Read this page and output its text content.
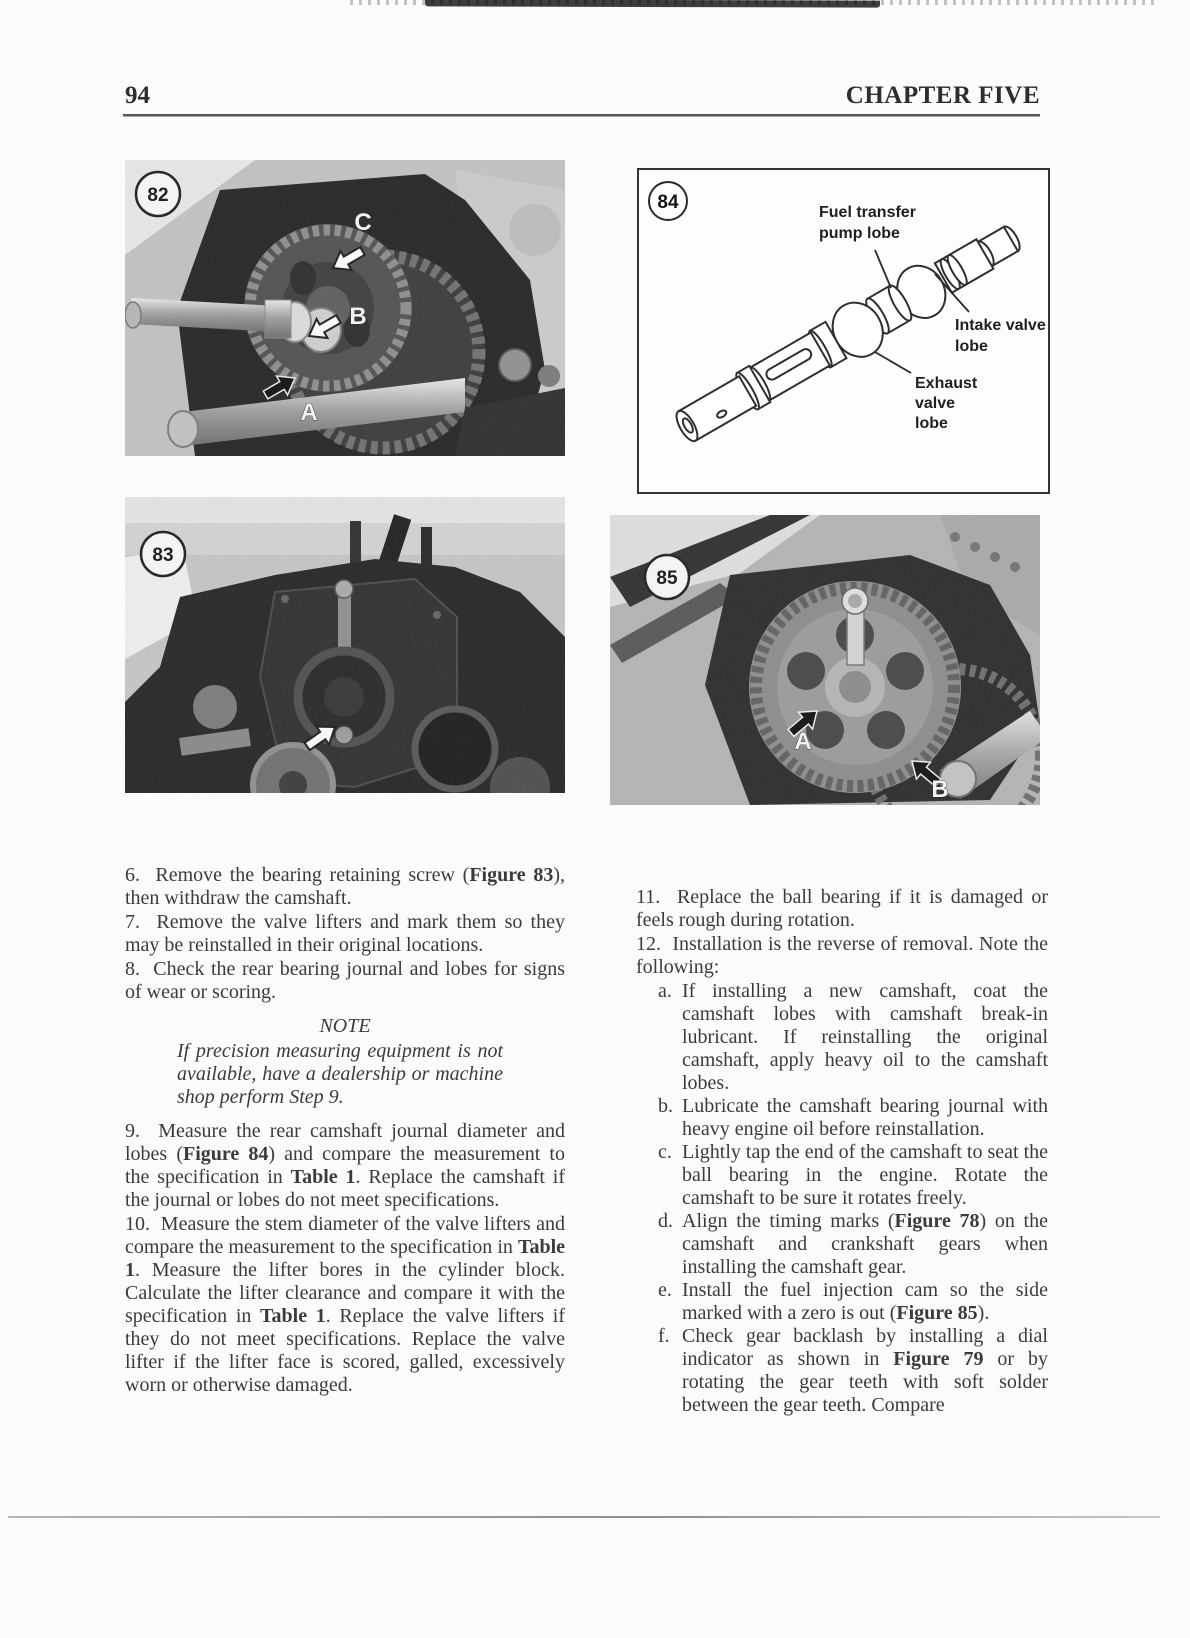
94	CHAPTER FIVE
C
B
A
82
83
Fuel transfer
pump lobe
Intake valve
lobe
Exhaust
valve
lobe
84
A
B
85

6.  Remove the bearing retaining screw (Figure 83), then withdraw the camshaft.

7.  Remove the valve lifters and mark them so they may be reinstalled in their original locations.

8.  Check the rear bearing journal and lobes for signs of wear or scoring.

NOTE

If precision measuring equipment is not available, have a dealership or machine shop perform Step 9.

9.  Measure the rear camshaft journal diameter and lobes (Figure 84) and compare the measurement to the specification in Table 1. Replace the camshaft if the journal or lobes do not meet specifications.

10.  Measure the stem diameter of the valve lifters and compare the measurement to the specification in Table 1. Measure the lifter bores in the cylinder block. Calculate the lifter clearance and compare it with the specification in Table 1. Replace the valve lifters if they do not meet specifications. Replace the valve lifter if the lifter face is scored, galled, excessively worn or otherwise damaged.

11.  Replace the ball bearing if it is damaged or feels rough during rotation.

12.  Installation is the reverse of removal. Note the following:

a. If installing a new camshaft, coat the camshaft lobes with camshaft break-in lubricant. If reinstalling the original camshaft, apply heavy oil to the camshaft lobes.
b. Lubricate the camshaft bearing journal with heavy engine oil before reinstallation.
c. Lightly tap the end of the camshaft to seat the ball bearing in the engine. Rotate the camshaft to be sure it rotates freely.
d. Align the timing marks (Figure 78) on the camshaft and crankshaft gears when installing the camshaft gear.
e. Install the fuel injection cam so the side marked with a zero is out (Figure 85).
f. Check gear backlash by installing a dial indicator as shown in Figure 79 or by rotating the gear teeth with soft solder between the gear teeth. Compare
